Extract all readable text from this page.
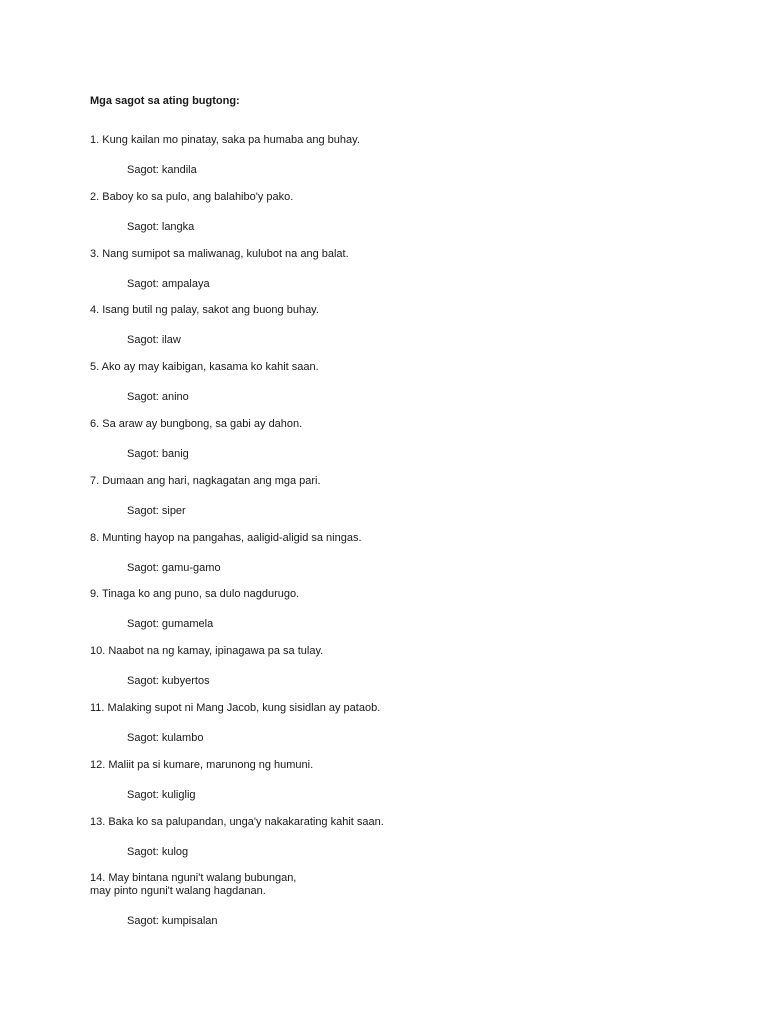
Mga sagot sa ating bugtong:
1. Kung kailan mo pinatay, saka pa humaba ang buhay.
Sagot: kandila
2. Baboy ko sa pulo, ang balahibo'y pako.
Sagot: langka
3. Nang sumipot sa maliwanag, kulubot na ang balat.
Sagot: ampalaya
4. Isang butil ng palay, sakot ang buong buhay.
Sagot: ilaw
5. Ako ay may kaibigan, kasama ko kahit saan.
Sagot: anino
6. Sa araw ay bungbong, sa gabi ay dahon.
Sagot: banig
7. Dumaan ang hari, nagkagatan ang mga pari.
Sagot: siper
8. Munting hayop na pangahas, aaligid-aligid sa ningas.
Sagot: gamu-gamo
9. Tinaga ko ang puno, sa dulo nagdurugo.
Sagot: gumamela
10. Naabot na ng kamay, ipinagawa pa sa tulay.
Sagot: kubyertos
11. Malaking supot ni Mang Jacob, kung sisidlan ay pataob.
Sagot: kulambo
12. Maliit pa si kumare, marunong ng humuni.
Sagot: kuliglig
13. Baka ko sa palupandan, unga'y nakakarating kahit saan.
Sagot: kulog
14. May bintana nguni't walang bubungan,
may pinto nguni't walang hagdanan.
Sagot: kumpisalan
